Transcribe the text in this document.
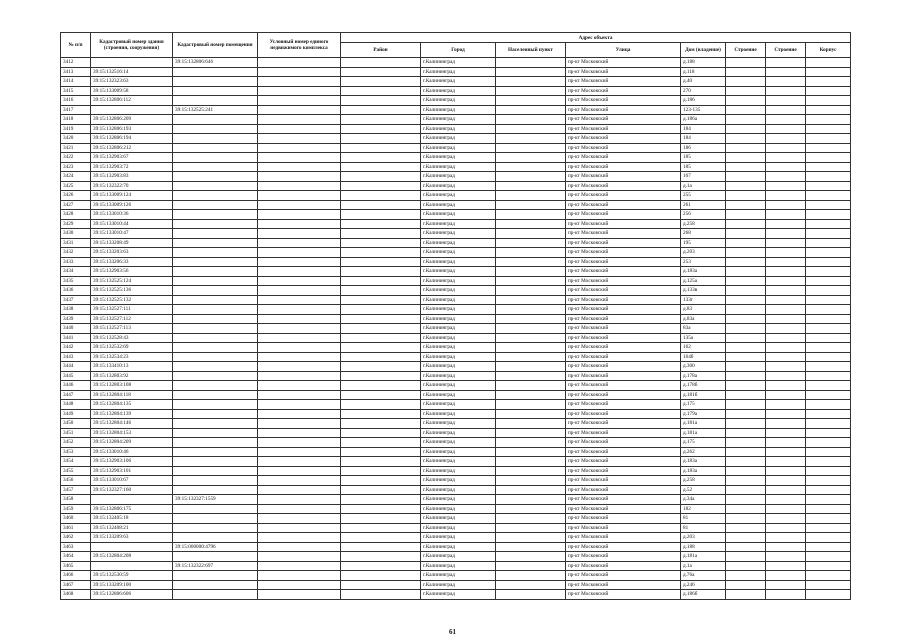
№ п/п	Кадастровый номер здания (строения, сооружения)	Кадастровый номер помещения	Условный номер единого недвижимого комплекса	Адрес объекта							
				Район	Город	Населенный пункт	Улица	Дом (владение)	Строение	Строение	Корпус
3412		39:15:132806:646			г.Калининград		пр-кт Московский	д.188			
3413	39:15:132516:14				г.Калининград		пр-кт Московский	д.118			
3414	39:15:132323:63				г.Калининград		пр-кт Московский	д.40			
3415	39:15:133009:58				г.Калининград		пр-кт Московский	270			
3416	39:15:132806:112				г.Калининград		пр-кт Московский	д.186			
3417		39:15:132525:241			г.Калининград		пр-кт Московский	123-135			
3418	39:15:132806:209				г.Калининград		пр-кт Московский	д.186а			
3419	39:15:132806:193				г.Калининград		пр-кт Московский	184			
3420	39:15:132806:194				г.Калининград		пр-кт Московский	184			
3421	39:15:132806:212				г.Калининград		пр-кт Московский	186			
3422	39:15:132903:67				г.Калининград		пр-кт Московский	185			
3423	39:15:132903:72				г.Калининград		пр-кт Московский	185			
3424	39:15:132903:83				г.Калининград		пр-кт Московский	167			
3425	39:15:132322:70				г.Калининград		пр-кт Московский	д.1а			
3426	39:15:133009:124				г.Калининград		пр-кт Московский	255			
3427	39:15:133009:126				г.Калининград		пр-кт Московский	261			
3428	39:15:133010:36				г.Калининград		пр-кт Московский	256			
3429	39:15:133010:44				г.Калининград		пр-кт Московский	д.258			
3430	39:15:133010:47				г.Калининград		пр-кт Московский	268			
3431	39:15:133208:49				г.Калининград		пр-кт Московский	195			
3432	39:15:133203:63				г.Калининград		пр-кт Московский	д.203			
3433	39:15:133206:33				г.Калининград		пр-кт Московский	253			
3434	39:15:132903:56				г.Калининград		пр-кт Московский	д.183а			
3435	39:15:132525:124				г.Калининград		пр-кт Московский	д.125а			
3436	39:15:132525:136				г.Калининград		пр-кт Московский	д.133в			
3437	39:15:132525:132				г.Калининград		пр-кт Московский	133г			
3438	39:15:132527:111				г.Калининград		пр-кт Московский	д.83			
3439	39:15:132527:112				г.Калининград		пр-кт Московский	д.83а			
3440	39:15:132527:113				г.Калининград		пр-кт Московский	83а			
3441	39:15:132528:43				г.Калининград		пр-кт Московский	135а			
3442	39:15:132532:69				г.Калининград		пр-кт Московский	162			
3443	39:15:132534:23				г.Калининград		пр-кт Московский	164б			
3444	39:15:133410:13				г.Калининград		пр-кт Московский	д.300			
3445	39:15:132803:92				г.Калининград		пр-кт Московский	д.178а			
3446	39:15:132803:108				г.Калининград		пр-кт Московский	д.178б			
3447	39:15:132804:118				г.Калининград		пр-кт Московский	д.181б			
3448	39:15:132804:135				г.Калининград		пр-кт Московский	д.175			
3449	39:15:132804:139				г.Калининград		пр-кт Московский	д.179а			
3450	39:15:132804:146				г.Калининград		пр-кт Московский	д.181а			
3451	39:15:132804:153				г.Калининград		пр-кт Московский	д.181а			
3452	39:15:132804:209				г.Калининград		пр-кт Московский	д.175			
3453	39:15:133010:46				г.Калининград		пр-кт Московский	д.262			
3454	39:15:132903:106				г.Калининград		пр-кт Московский	д.183а			
3455	39:15:132903:101				г.Калининград		пр-кт Московский	д.183а			
3456	39:15:133010:67				г.Калининград		пр-кт Московский	д.258			
3457	39:15:132327:160				г.Калининград		пр-кт Московский	д.52			
3458		39:15:132327:1559			г.Калининград		пр-кт Московский	д.34а			
3459	39:15:132806:175				г.Калининград		пр-кт Московский	182			
3460	39:15:132405:18				г.Калининград		пр-кт Московский	81			
3461	39:15:132408:21				г.Калининград		пр-кт Московский	81			
3462	39:15:133209:63				г.Калининград		пр-кт Московский	д.203			
3463		39:15:000000:4796			г.Калининград		пр-кт Московский	д.188			
3464	39:15:132804:208				г.Калининград		пр-кт Московский	д.181а			
3465		39:15:132322:697			г.Калининград		пр-кт Московский	д.1а			
3466	39:15:132530:59				г.Калининград		пр-кт Московский	д.76а			
3467	39:15:133209:100				г.Калининград		пр-кт Московский	д.246			
3468	39:15:132806:606				г.Калининград		пр-кт Московский	д.186б			
61
